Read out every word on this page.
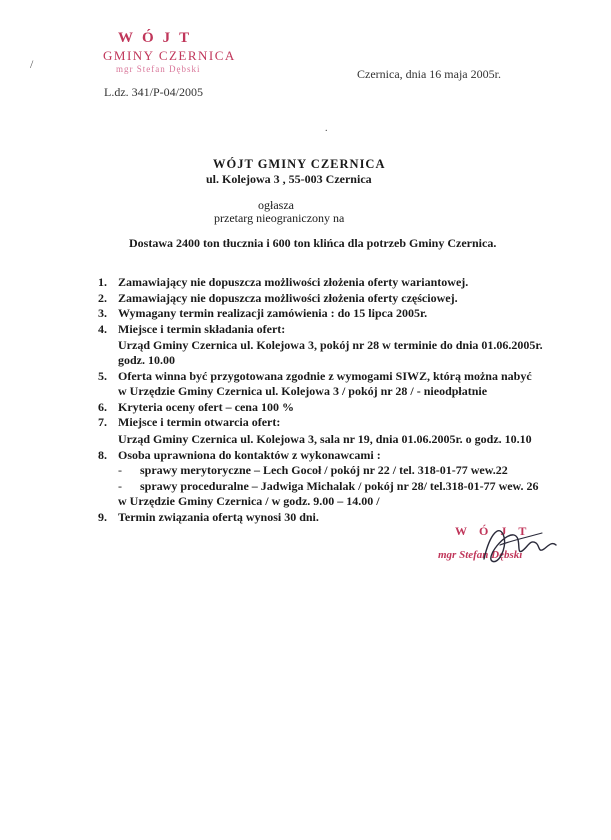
WÓJT
GMINY CZERNICA
mgr Stefan Dębski
L.dz. 341/P-04/2005
Czernica, dnia 16 maja 2005r.
/
.
WÓJT GMINY CZERNICA
ul. Kolejowa 3 , 55-003 Czernica
ogłasza
przetarg nieograniczony na
Dostawa 2400 ton tłucznia i 600 ton klińca dla potrzeb Gminy Czernica.
1. Zamawiający nie dopuszcza możliwości złożenia oferty wariantowej.
2. Zamawiający nie dopuszcza możliwości złożenia oferty częściowej.
3. Wymagany termin realizacji zamówienia : do 15 lipca 2005r.
4. Miejsce i termin składania ofert:
Urząd Gminy Czernica ul. Kolejowa 3, pokój nr 28 w terminie do dnia 01.06.2005r.
godz. 10.00
5. Oferta winna być przygotowana zgodnie z wymogami SIWZ, którą można nabyć
w Urzędzie Gminy Czernica ul. Kolejowa 3 / pokój nr 28 / - nieodpłatnie
6. Kryteria oceny ofert – cena 100 %
7. Miejsce i termin otwarcia ofert:
Urząd Gminy Czernica ul. Kolejowa 3, sala nr 19, dnia 01.06.2005r. o godz. 10.10
8. Osoba uprawniona do kontaktów z wykonawcami :
- sprawy merytoryczne – Lech Gocoł / pokój nr 22 / tel. 318-01-77 wew.22
- sprawy proceduralne – Jadwiga Michalak / pokój nr 28/ tel.318-01-77 wew. 26
w Urzędzie Gminy Czernica / w godz. 9.00 – 14.00 /
9. Termin związania ofertą wynosi 30 dni.
WÓJT
mgr Stefan Dębski
